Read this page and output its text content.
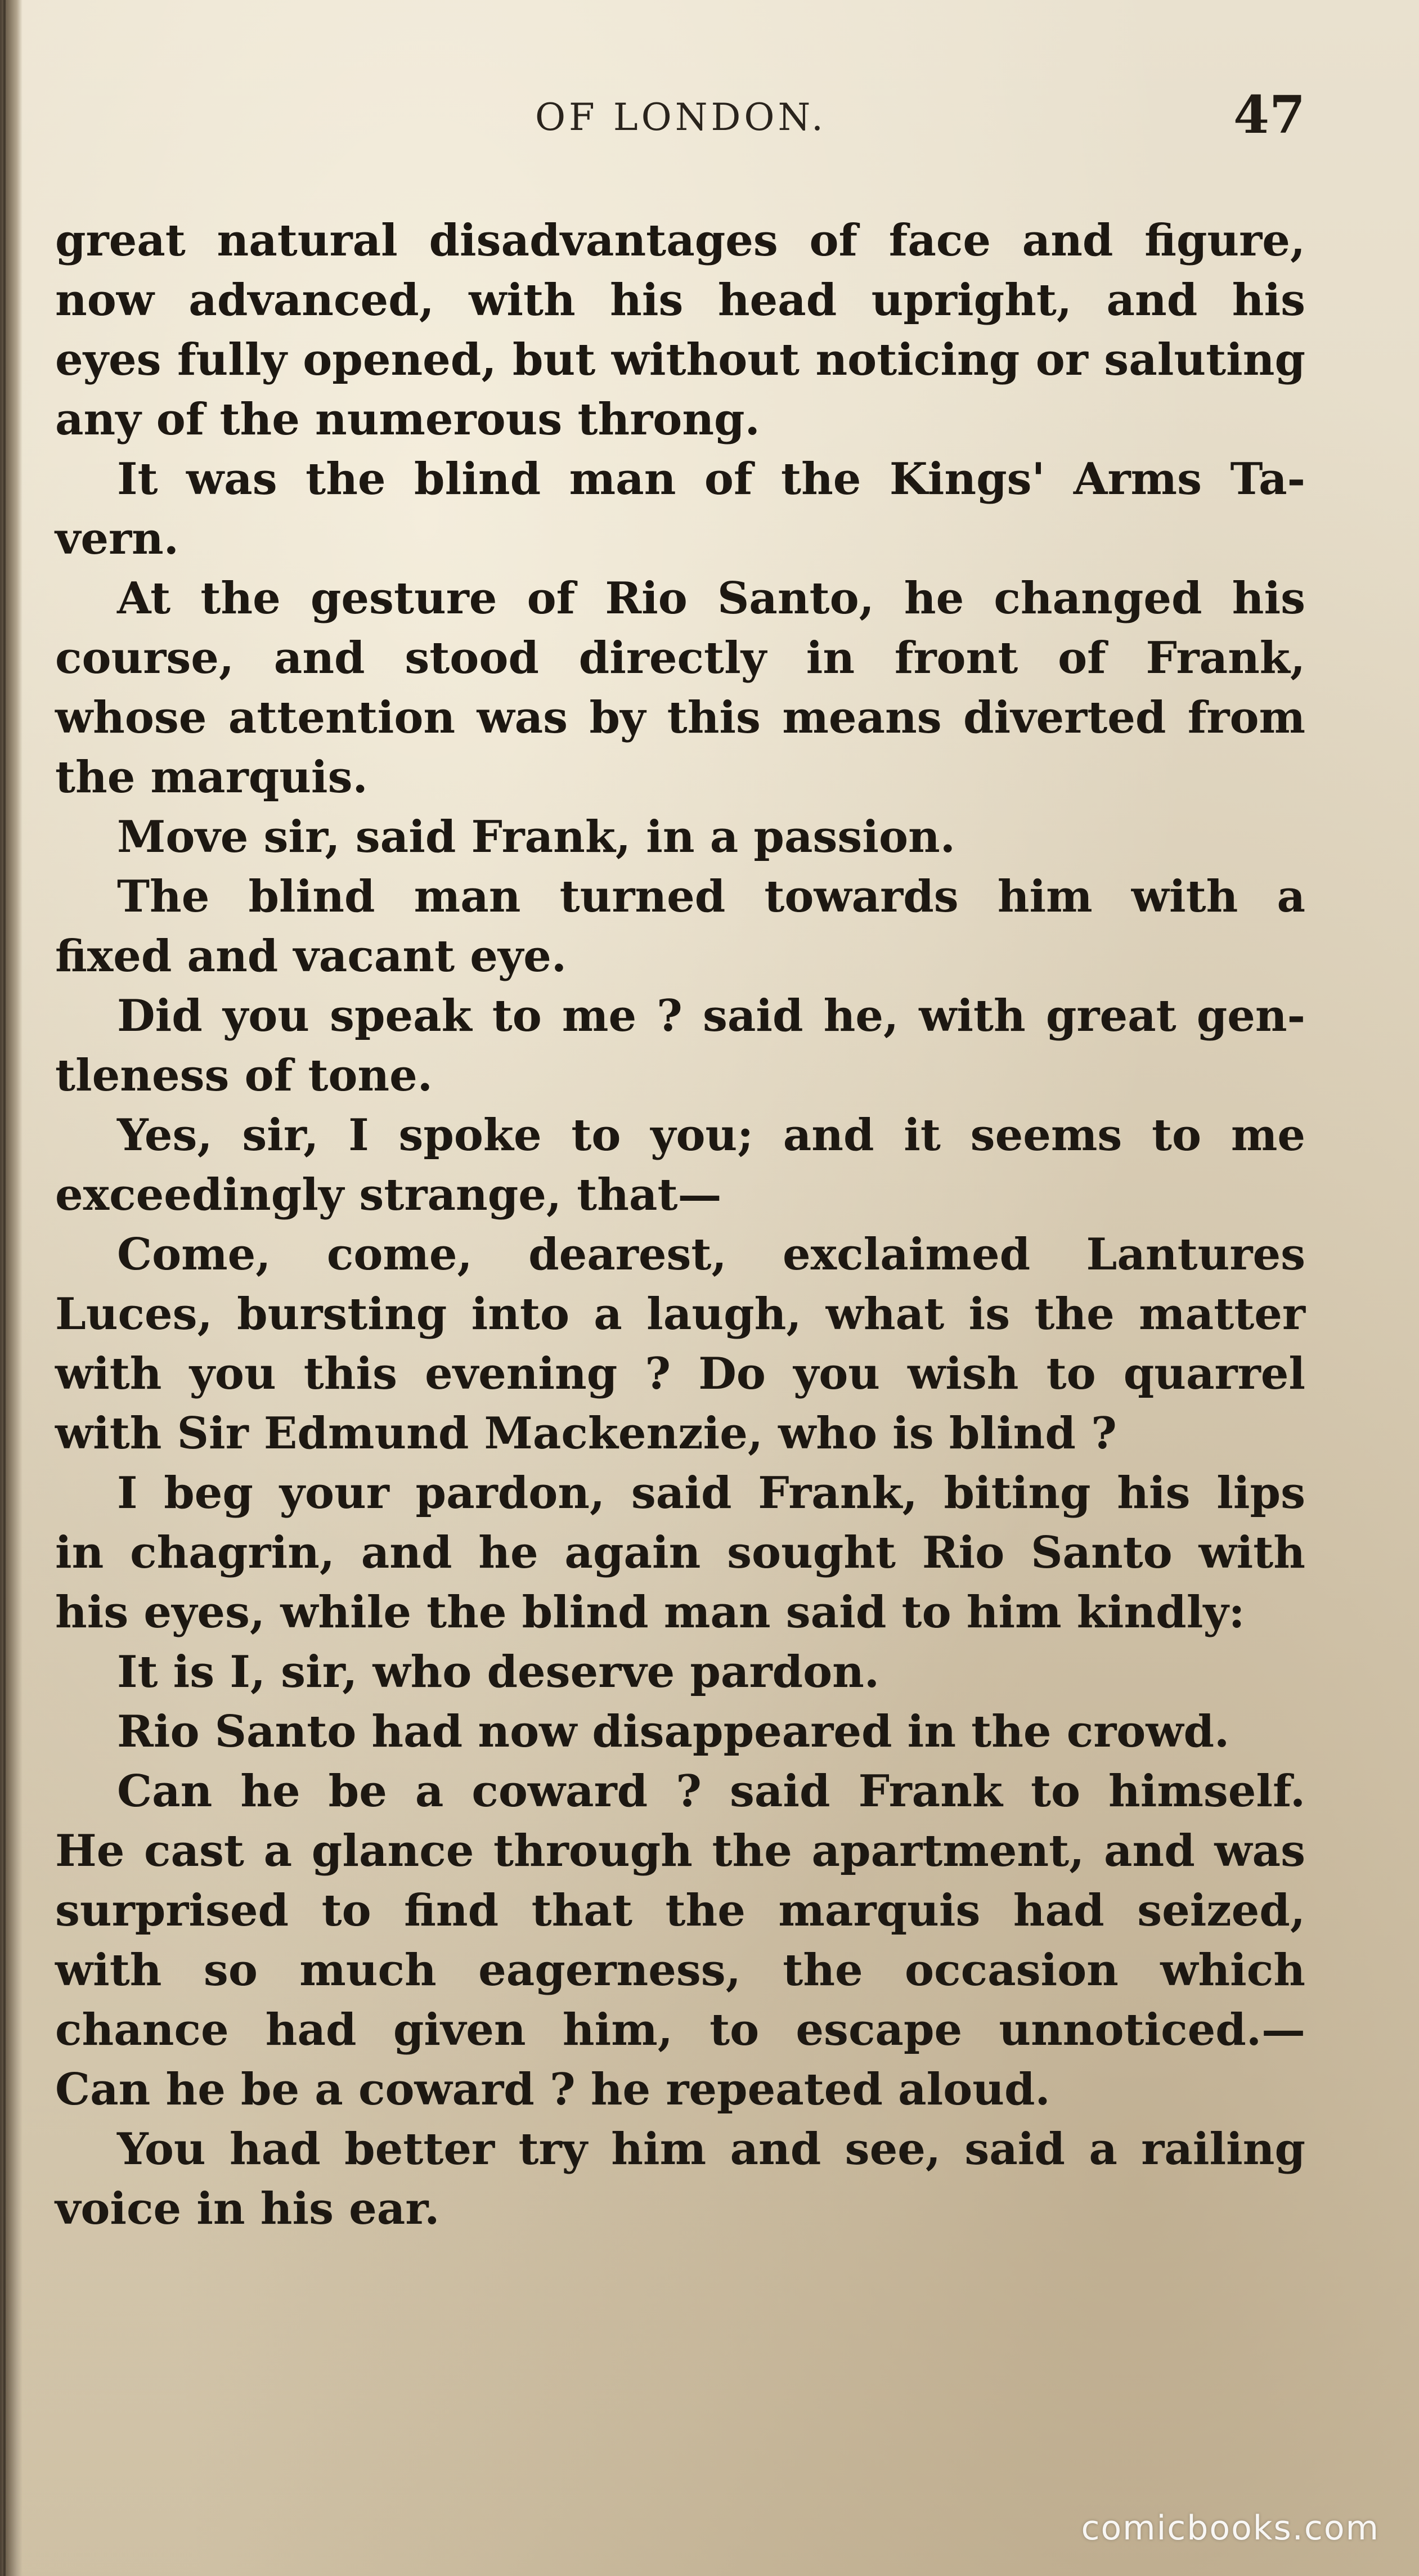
OF LONDON.	47
great natural disadvantages of face and figure,
now advanced, with his head upright, and his
eyes fully opened, but without noticing or saluting
any of the numerous throng.
It was the blind man of the Kings' Arms Ta-
vern.
At the gesture of Rio Santo, he changed his
course, and stood directly in front of Frank,
whose attention was by this means diverted from
the marquis.
Move sir, said Frank, in a passion.
The blind man turned towards him with a
fixed and vacant eye.
Did you speak to me ? said he, with great gen-
tleness of tone.
Yes, sir, I spoke to you; and it seems to me
exceedingly strange, that—
Come, come, dearest, exclaimed Lantures
Luces, bursting into a laugh, what is the matter
with you this evening ? Do you wish to quarrel
with Sir Edmund Mackenzie, who is blind ?
I beg your pardon, said Frank, biting his lips
in chagrin, and he again sought Rio Santo with
his eyes, while the blind man said to him kindly:
It is I, sir, who deserve pardon.
Rio Santo had now disappeared in the crowd.
Can he be a coward ? said Frank to himself.
He cast a glance through the apartment, and was
surprised to find that the marquis had seized,
with so much eagerness, the occasion which
chance had given him, to escape unnoticed.—
Can he be a coward ? he repeated aloud.
You had better try him and see, said a railing
voice in his ear.
comicbooks.com
